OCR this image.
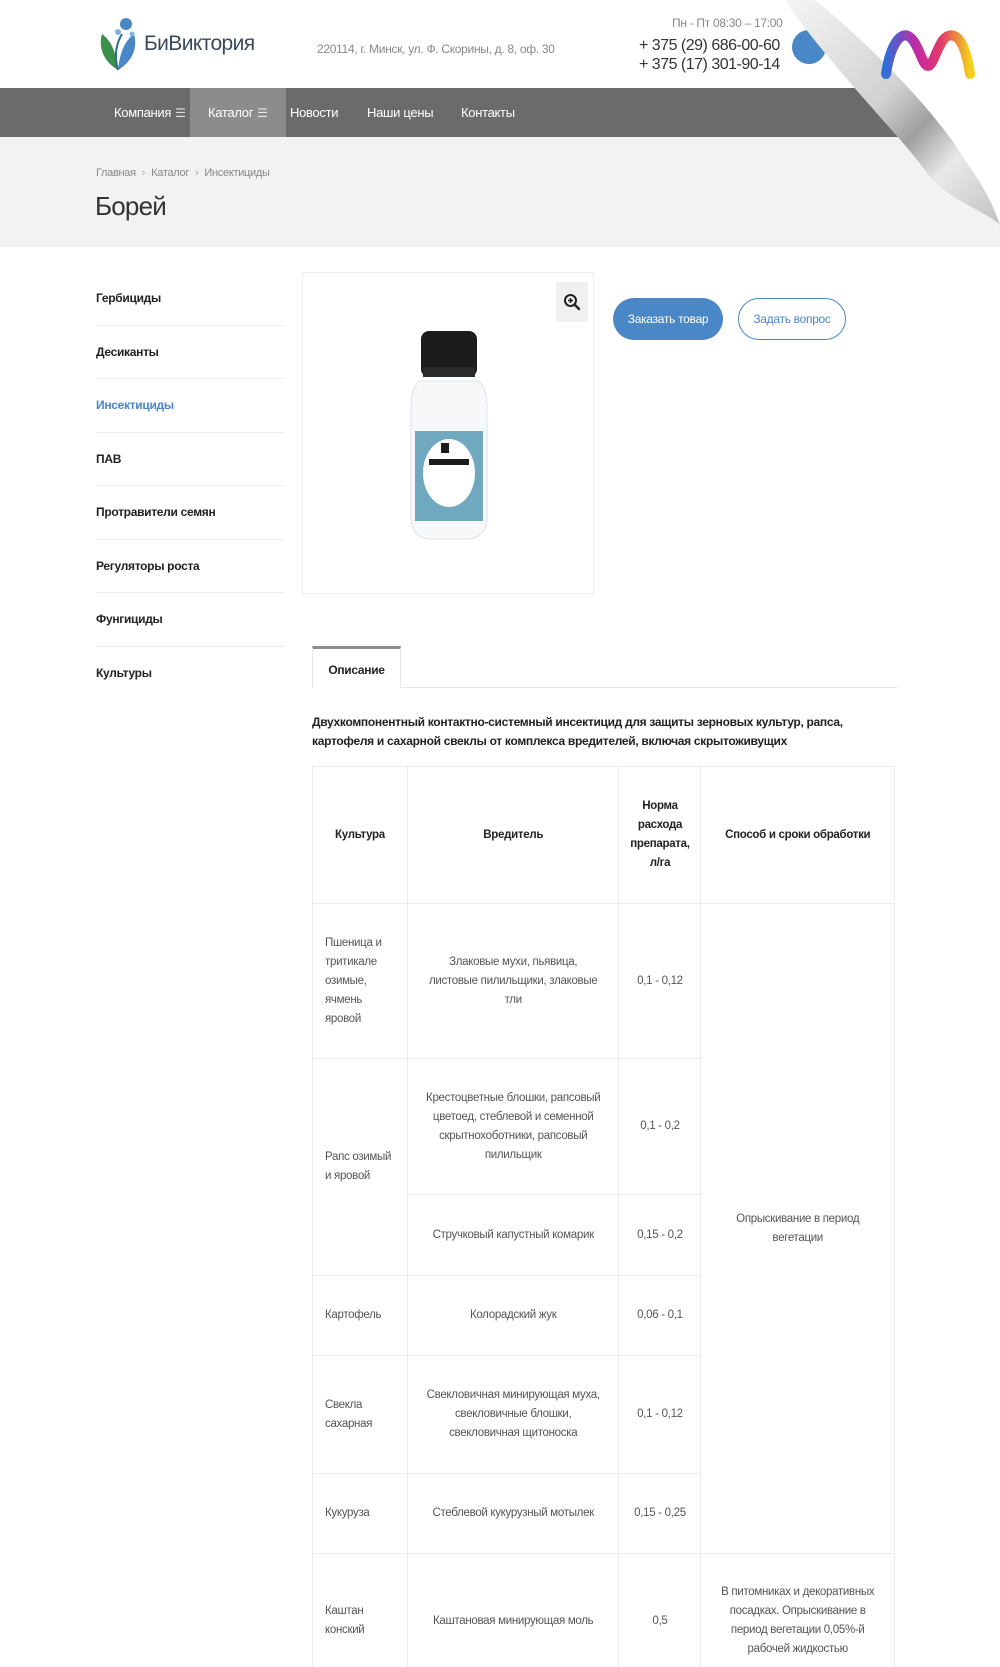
БиВиктория	220114, г. Минск, ул. Ф. Скорины, д. 8, оф. 30
Пн - Пт 08:30 – 17:00
+ 375 (29) 686-00-60
+ 375 (17) 301-90-14
Компания ☰	Каталог ☰	Новости	Наши цены	Контакты
Главная › Каталог › Инсектициды
Борей
Гербициды
Десиканты
Инсектициды
ПАВ
Протравители семян
Регуляторы роста
Фунгициды
Культуры
Заказать товар	Задать вопрос
Описание
Двухкомпонентный контактно-системный инсектицид для защиты зерновых культур, рапса, картофеля и сахарной свеклы от комплекса вредителей, включая скрытоживущих
Культура	Вредитель	Норма расхода препарата, л/га	Способ и сроки обработки
Пшеница и тритикале озимые, ячмень яровой	Злаковые мухи, пьявица, листовые пилильщики, злаковые тли	0,1 - 0,12	Опрыскивание в период вегетации
Рапс озимый и яровой	Крестоцветные блошки, рапсовый цветоед, стеблевой и семенной скрытнохоботники, рапсовый пилильщик	0,1 - 0,2	
	Стручковый капустный комарик	0,15 - 0,2	
Картофель	Колорадский жук	0,06 - 0,1	
Свекла сахарная	Свекловичная минирующая муха, свекловичные блошки, свекловичная щитоноска	0,1 - 0,12	
Кукуруза	Стеблевой кукурузный мотылек	0,15 - 0,25	
Каштан конский	Каштановая минирующая моль	0,5	В питомниках и декоративных посадках. Опрыскивание в период вегетации 0,05%-й рабочей жидкостью
